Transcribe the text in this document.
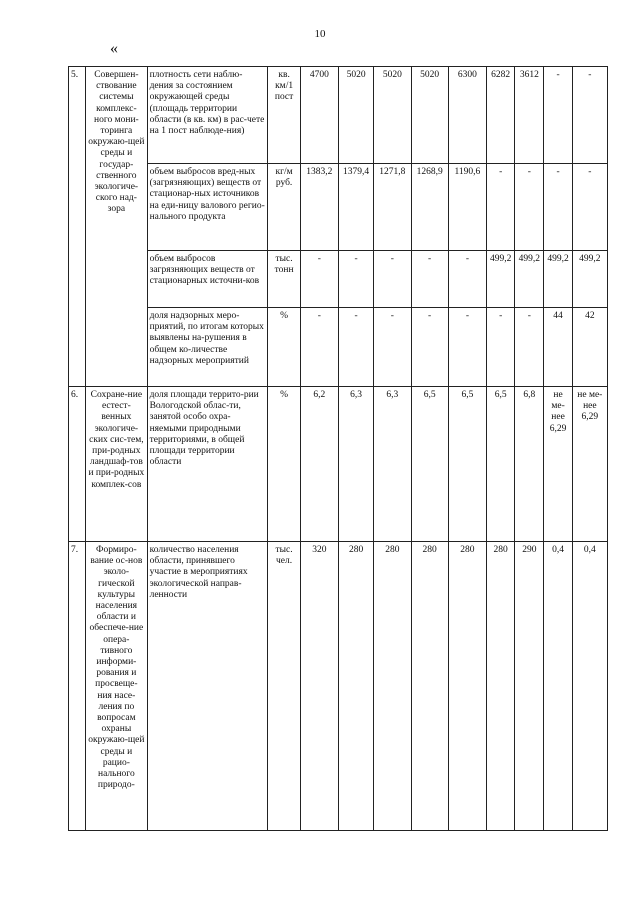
10
«
5.	Совершен-ствование системы комплекс-ного мони-торинга окружаю-щей среды и государ-ственного экологиче-ского над-зора	плотность сети наблю-дения за состоянием окружающей среды (площадь территории области (в кв. км) в рас-чете на 1 пост наблюде-ния)	кв. км/1 пост	4700	5020	5020	5020	6300	6282	3612	-	-
		объем выбросов вред-ных (загрязняющих) веществ от стационар-ных источников на еди-ницу валового регио-нального продукта	кг/м руб.	1383,2	1379,4	1271,8	1268,9	1190,6	-	-	-	-
		объем выбросов загрязняющих веществ от стационарных источни-ков	тыс. тонн	-	-	-	-	-	499,2	499,2	499,2	499,2
		доля надзорных меро-приятий, по итогам которых выявлены на-рушения в общем ко-личестве надзорных мероприятий	%	-	-	-	-	-	-	-	44	42
6.	Сохране-ние естест-венных экологиче-ских сис-тем, при-родных ландшаф-тов и при-родных комплек-сов	доля площади террито-рии Вологодской облас-ти, занятой особо охра-няемыми природными территориями, в общей площади территории области	%	6,2	6,3	6,3	6,5	6,5	6,5	6,8	не ме-нее 6,29	не ме-нее 6,29
7.	Формиро-вание ос-нов эколо-гической культуры населения области и обеспече-ние опера-тивного информи-рования и просвеще-ния насе-ления по вопросам охраны окружаю-щей среды и рацио-нального природо-	количество населения области, принявшего участие в мероприятиях экологической направ-ленности	тыс. чел.	320	280	280	280	280	280	290	0,4	0,4
